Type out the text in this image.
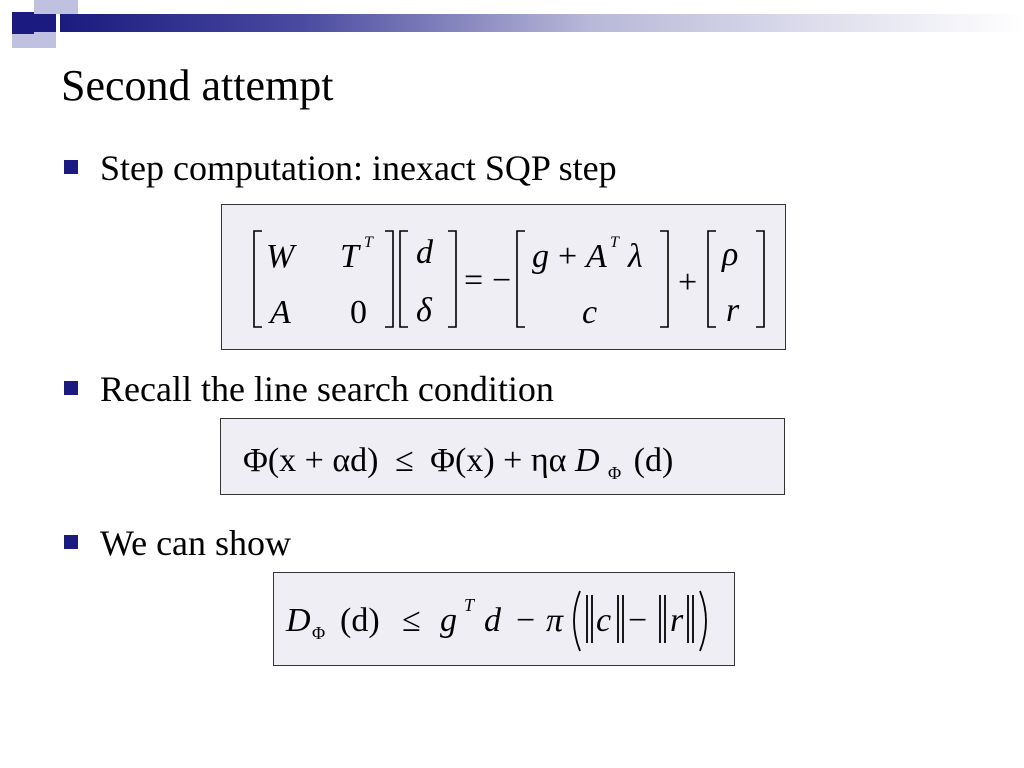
Second attempt
Step computation: inexact SQP step
W T T
A 0
d
δ
= −
g + A T λ
c
+
ρ
r
Recall the line search condition
Φ(x + αd) ≤ Φ(x) + ηα D $_\Phi$ (d)
We can show
D Φ (d) ≤ g T d − π c − r
